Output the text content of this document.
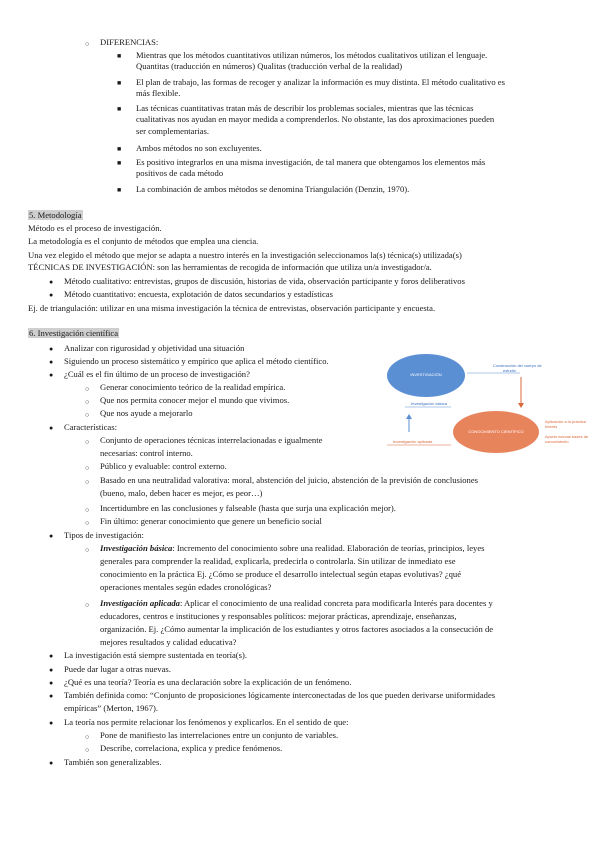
○ DIFERENCIAS:
■ Mientras que los métodos cuantitativos utilizan números, los métodos cualitativos utilizan el lenguaje.
Quantitas (traducción en números) Qualitas (traducción verbal de la realidad)
■ El plan de trabajo, las formas de recoger y analizar la información es muy distinta. El método cualitativo es
más flexible.
■ Las técnicas cuantitativas tratan más de describir los problemas sociales, mientras que las técnicas
cualitativas nos ayudan en mayor medida a comprenderlos. No obstante, las dos aproximaciones pueden
ser complementarias.
■ Ambos métodos no son excluyentes.
■ Es positivo integrarlos en una misma investigación, de tal manera que obtengamos los elementos más
positivos de cada método
■ La combinación de ambos métodos se denomina Triangulación (Denzin, 1970).
5. Metodología
Método es el proceso de investigación.
La metodología es el conjunto de métodos que emplea una ciencia.
Una vez elegido el método que mejor se adapta a nuestro interés en la investigación seleccionamos la(s) técnica(s) utilizada(s)
TÉCNICAS DE INVESTIGACIÓN: son las herramientas de recogida de información que utiliza un/a investigador/a.
● Método cualitativo: entrevistas, grupos de discusión, historias de vida, observación participante y foros deliberativos
● Método cuantitativo: encuesta, explotación de datos secundarios y estadísticas
Ej. de triangulación: utilizar en una misma investigación la técnica de entrevistas, observación participante y encuesta.
6. Investigación científica
● Analizar con rigurosidad y objetividad una situación
● Siguiendo un proceso sistemático y empírico que aplica el método científico.
● ¿Cuál es el fin último de un proceso de investigación?
○ Generar conocimiento teórico de la realidad empírica.
○ Que nos permita conocer mejor el mundo que vivimos.
○ Que nos ayude a mejorarlo
● Características:
○ Conjunto de operaciones técnicas interrelacionadas e igualmente
necesarias: control interno.
○ Público y evaluable: control externo.
○ Basado en una neutralidad valorativa: moral, abstención del juicio, abstención de la previsión de conclusiones
(bueno, malo, deben hacer es mejor, es peor…)
○ Incertidumbre en las conclusiones y falseable (hasta que surja una explicación mejor).
○ Fin último: generar conocimiento que genere un beneficio social
● Tipos de investigación:
○ Investigación básica: Incremento del conocimiento sobre una realidad. Elaboración de teorías, principios, leyes
generales para comprender la realidad, explicarla, predecirla o controlarla. Sin utilizar de inmediato ese
conocimiento en la práctica Ej. ¿Cómo se produce el desarrollo intelectual según etapas evolutivas? ¿qué
operaciones mentales según edades cronológicas?
○ Investigación aplicada: Aplicar el conocimiento de una realidad concreta para modificarla Interés para docentes y
educadores, centros e instituciones y responsables políticos: mejorar prácticas, aprendizaje, enseñanzas,
organización. Ej. ¿Cómo aumentar la implicación de los estudiantes y otros factores asociados a la consecución de
mejores resultados y calidad educativa?
● La investigación está siempre sustentada en teoría(s).
● Puede dar lugar a otras nuevas.
● ¿Qué es una teoría? Teoría es una declaración sobre la explicación de un fenómeno.
● También definida como: “Conjunto de proposiciones lógicamente interconectadas de los que pueden derivarse uniformidades
empíricas” (Merton, 1967).
● La teoría nos permite relacionar los fenómenos y explicarlos. En el sentido de que:
○ Pone de manifiesto las interrelaciones entre un conjunto de variables.
○ Describe, correlaciona, explica y predice fenómenos.
● También son generalizables.
INVESTIGACIÓN
CONOCIMIENTO CIENTÍFICO
Construcción del cuerpo de
estudio
Investigación básica
Investigación aplicada
Aplicación a la práctica
Interés
Aporta nuevas bases de
conocimiento
